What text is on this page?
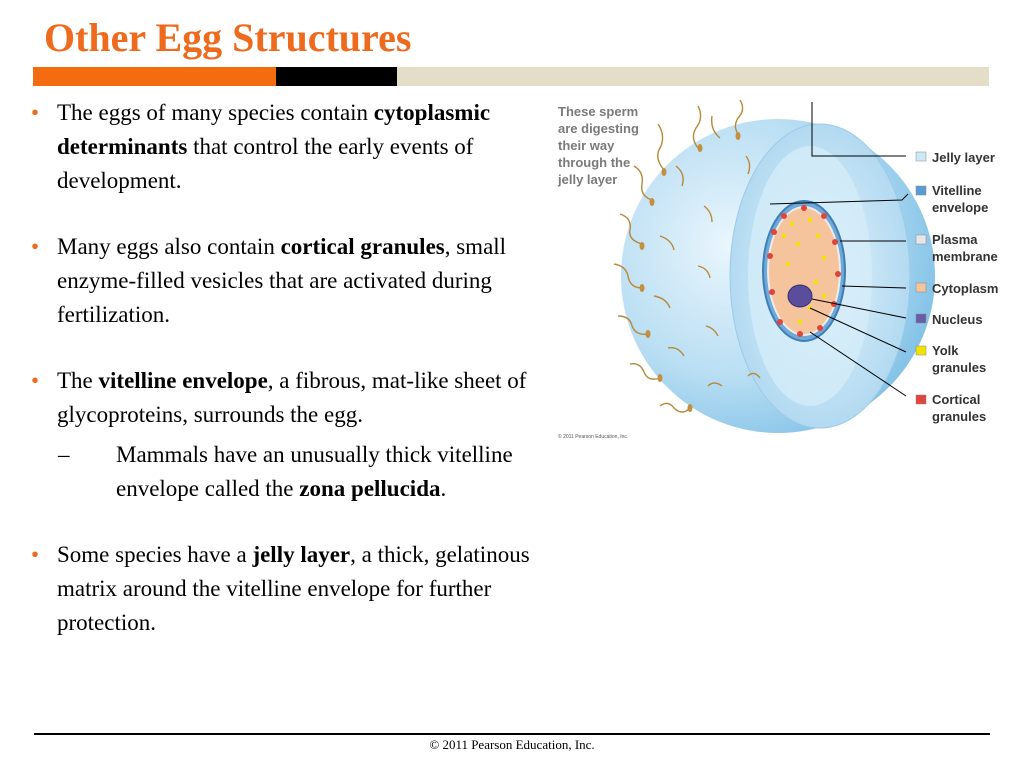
Other Egg Structures
• The eggs of many species contain cytoplasmic determinants that control the early events of development.
• Many eggs also contain cortical granules, small enzyme-filled vesicles that are activated during fertilization.
• The vitelline envelope, a fibrous, mat-like sheet of glycoproteins, surrounds the egg.
– Mammals have an unusually thick vitelline envelope called the zona pellucida.
• Some species have a jelly layer, a thick, gelatinous matrix around the vitelline envelope for further protection.
These sperm
are digesting
their way
through the
jelly layer
Jelly layer
Vitelline
envelope
Plasma
membrane
Cytoplasm
Nucleus
Yolk
granules
Cortical
granules
© 2011 Pearson Education, Inc.
© 2011 Pearson Education, Inc.
